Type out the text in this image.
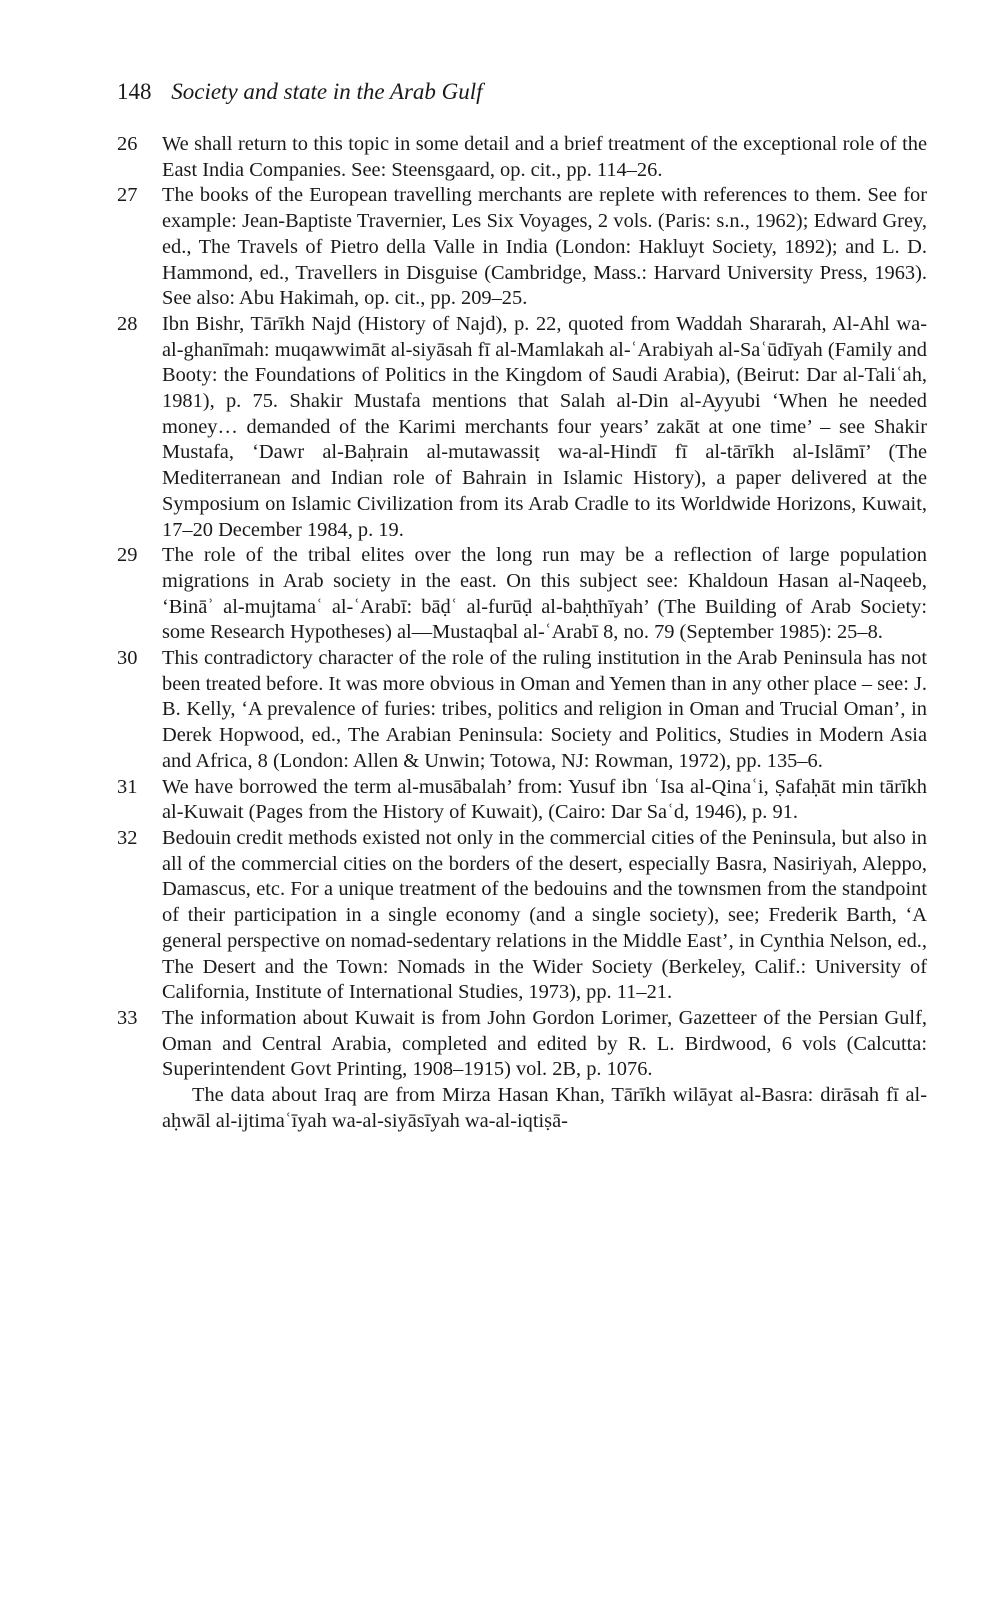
148 Society and state in the Arab Gulf
26 We shall return to this topic in some detail and a brief treatment of the exceptional role of the East India Companies. See: Steensgaard, op. cit., pp. 114–26.
27 The books of the European travelling merchants are replete with references to them. See for example: Jean-Baptiste Travernier, Les Six Voyages, 2 vols. (Paris: s.n., 1962); Edward Grey, ed., The Travels of Pietro della Valle in India (London: Hakluyt Society, 1892); and L. D. Hammond, ed., Travellers in Disguise (Cambridge, Mass.: Harvard University Press, 1963). See also: Abu Hakimah, op. cit., pp. 209–25.
28 Ibn Bishr, Tārīkh Najd (History of Najd), p. 22, quoted from Waddah Shararah, Al-Ahl wa-al-ghanīmah: muqawwimāt al-siyāsah fī al-Mamlakah al-ʿArabiyah al-Saʿūdīyah (Family and Booty: the Foundations of Politics in the Kingdom of Saudi Arabia), (Beirut: Dar al-Taliʿah, 1981), p. 75. Shakir Mustafa mentions that Salah al-Din al-Ayyubi ‘When he needed money… demanded of the Karimi merchants four years’ zakāt at one time’ – see Shakir Mustafa, ‘Dawr al-Baḥrain al-mutawassiṭ wa-al-Hindī fī al-tārīkh al-Islāmī’ (The Mediterranean and Indian role of Bahrain in Islamic History), a paper delivered at the Symposium on Islamic Civilization from its Arab Cradle to its Worldwide Horizons, Kuwait, 17–20 December 1984, p. 19.
29 The role of the tribal elites over the long run may be a reflection of large population migrations in Arab society in the east. On this subject see: Khaldoun Hasan al-Naqeeb, ‘Bināʾ al-mujtamaʿ al-ʿArabī: bāḍʿ al-furūḍ al-baḥthīyah’ (The Building of Arab Society: some Research Hypotheses) al—Mustaqbal al-ʿArabī 8, no. 79 (September 1985): 25–8.
30 This contradictory character of the role of the ruling institution in the Arab Peninsula has not been treated before. It was more obvious in Oman and Yemen than in any other place – see: J. B. Kelly, ‘A prevalence of furies: tribes, politics and religion in Oman and Trucial Oman’, in Derek Hopwood, ed., The Arabian Peninsula: Society and Politics, Studies in Modern Asia and Africa, 8 (London: Allen & Unwin; Totowa, NJ: Rowman, 1972), pp. 135–6.
31 We have borrowed the term al-musābalah’ from: Yusuf ibn ʿIsa al-Qinaʿi, Ṣafaḥāt min tārīkh al-Kuwait (Pages from the History of Kuwait), (Cairo: Dar Saʿd, 1946), p. 91.
32 Bedouin credit methods existed not only in the commercial cities of the Peninsula, but also in all of the commercial cities on the borders of the desert, especially Basra, Nasiriyah, Aleppo, Damascus, etc. For a unique treatment of the bedouins and the townsmen from the standpoint of their participation in a single economy (and a single society), see; Frederik Barth, ‘A general perspective on nomad-sedentary relations in the Middle East’, in Cynthia Nelson, ed., The Desert and the Town: Nomads in the Wider Society (Berkeley, Calif.: University of California, Institute of International Studies, 1973), pp. 11–21.
33 The information about Kuwait is from John Gordon Lorimer, Gazetteer of the Persian Gulf, Oman and Central Arabia, completed and edited by R. L. Birdwood, 6 vols (Calcutta: Superintendent Govt Printing, 1908–1915) vol. 2B, p. 1076.

The data about Iraq are from Mirza Hasan Khan, Tārīkh wilāyat al-Basra: dirāsah fī al-aḥwāl al-ijtimaʿīyah wa-al-siyāsīyah wa-al-iqtiṣā-
